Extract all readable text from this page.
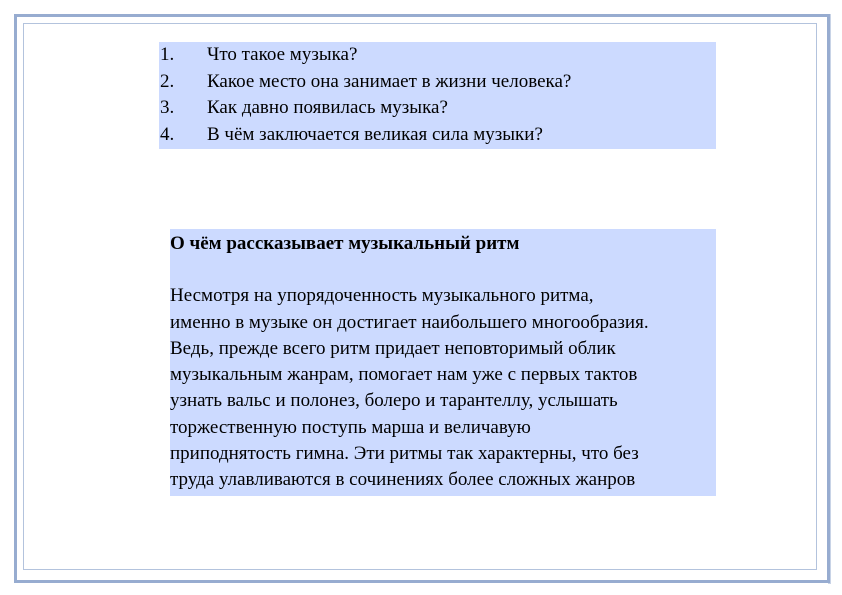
1. Что такое музыка?
2. Какое место она занимает в жизни человека?
3. Как давно появилась музыка?
4. В чём заключается великая сила музыки?

О чём рассказывает музыкальный ритм

Несмотря на упорядоченность музыкального ритма,
именно в музыке он достигает наибольшего многообразия.
Ведь, прежде всего ритм придает неповторимый облик
музыкальным жанрам, помогает нам уже с первых тактов
узнать вальс и полонез, болеро и тарантеллу, услышать
торжественную поступь марша и величавую
приподнятость гимна. Эти ритмы так характерны, что без
труда улавливаются в сочинениях более сложных жанров
